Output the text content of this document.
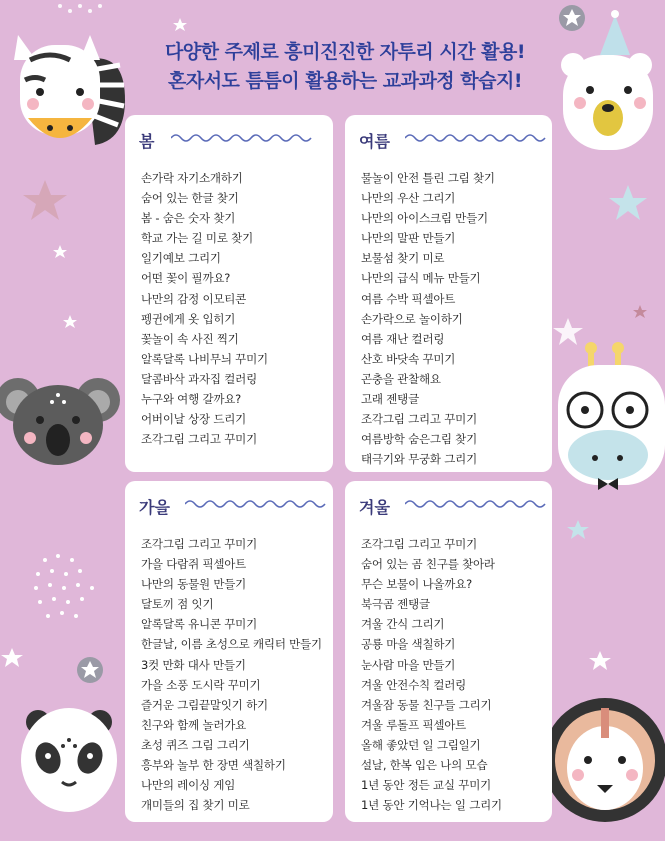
다양한 주제로 흥미진진한 자투리 시간 활용!
혼자서도 틈틈이 활용하는 교과과정 학습지!
봄
손가락 자기소개하기
숨어 있는 한글 찾기
봄 - 숨은 숫자 찾기
학교 가는 길 미로 찾기
일기예보 그리기
어떤 꽃이 필까요?
나만의 감정 이모티콘
펭귄에게 옷 입히기
꽃놀이 속 사진 찍기
알록달록 나비무늬 꾸미기
달콤바삭 과자집 컬러링
누구와 여행 갈까요?
어버이날 상장 드리기
조각그림 그리고 꾸미기
여름
물놀이 안전 틀린 그림 찾기
나만의 우산 그리기
나만의 아이스크림 만들기
나만의 말판 만들기
보물섬 찾기 미로
나만의 급식 메뉴 만들기
여름 수박 픽셀아트
손가락으로 놀이하기
여름 재난 컬러링
산호 바닷속 꾸미기
곤충을 관찰해요
고래 젠탱글
조각그림 그리고 꾸미기
여름방학 숨은그림 찾기
태극기와 무궁화 그리기
가을
조각그림 그리고 꾸미기
가을 다람쥐 픽셀아트
나만의 동물원 만들기
달토끼 점 잇기
알록달록 유니콘 꾸미기
한글날, 이름 초성으로 캐릭터 만들기
3컷 만화 대사 만들기
가을 소풍 도시락 꾸미기
즐거운 그림끝말잇기 하기
친구와 함께 놀러가요
초성 퀴즈 그림 그리기
흥부와 놀부 한 장면 색칠하기
나만의 레이싱 게임
개미들의 집 찾기 미로
겨울
조각그림 그리고 꾸미기
숨어 있는 곰 친구를 찾아라
무슨 보물이 나올까요?
북극곰 젠탱글
겨울 간식 그리기
공룡 마을 색칠하기
눈사람 마을 만들기
겨울 안전수칙 컬러링
겨울잠 동물 친구들 그리기
겨울 루돌프 픽셀아트
올해 좋았던 일 그림일기
설날, 한복 입은 나의 모습
1년 동안 정든 교실 꾸미기
1년 동안 기억나는 일 그리기
